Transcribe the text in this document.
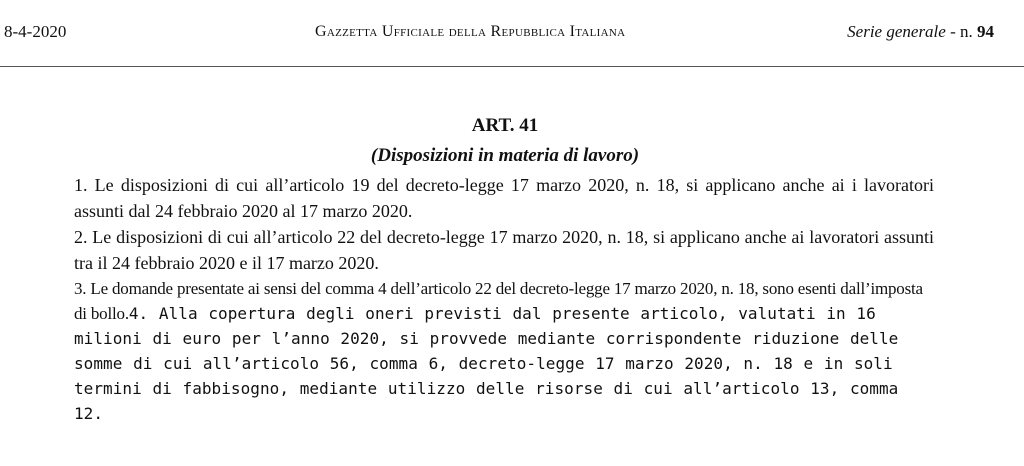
8-4-2020	Gazzetta Ufficiale della Repubblica Italiana	Serie generale - n. 94
ART. 41
(Disposizioni in materia di lavoro)
1. Le disposizioni di cui all’articolo 19 del decreto-legge 17 marzo 2020, n. 18, si applicano anche ai i lavoratori assunti dal 24 febbraio 2020 al 17 marzo 2020.
2. Le disposizioni di cui all’articolo 22 del decreto-legge 17 marzo 2020, n. 18, si applicano anche ai lavoratori assunti tra il 24 febbraio 2020 e il 17 marzo 2020.
3. Le domande presentate ai sensi del comma 4 dell’articolo 22 del decreto-legge 17 marzo 2020, n. 18, sono esenti dall’imposta di bollo.4. Alla copertura degli oneri previsti dal presente articolo, valutati in 16 milioni di euro per l’anno 2020, si provvede mediante corrispondente riduzione delle somme di cui all’articolo 56, comma 6, decreto-legge 17 marzo 2020, n. 18 e in soli termini di fabbisogno, mediante utilizzo delle risorse di cui all’articolo 13, comma 12.
